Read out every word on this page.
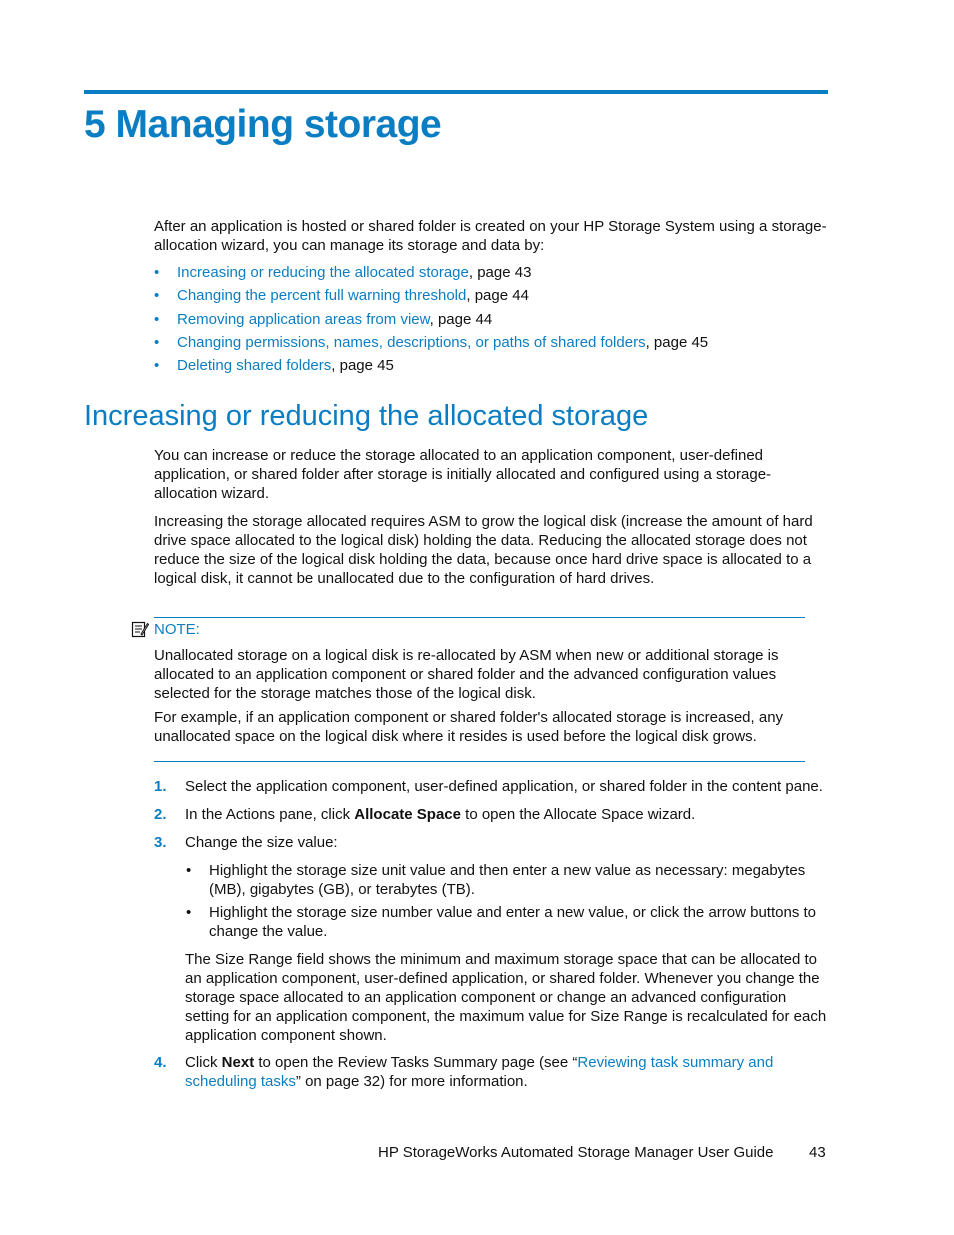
5 Managing storage

After an application is hosted or shared folder is created on your HP Storage System using a storage-allocation wizard, you can manage its storage and data by:

• Increasing or reducing the allocated storage, page 43
• Changing the percent full warning threshold, page 44
• Removing application areas from view, page 44
• Changing permissions, names, descriptions, or paths of shared folders, page 45
• Deleting shared folders, page 45
Increasing or reducing the allocated storage

You can increase or reduce the storage allocated to an application component, user-defined application, or shared folder after storage is initially allocated and configured using a storage-allocation wizard.

Increasing the storage allocated requires ASM to grow the logical disk (increase the amount of hard drive space allocated to the logical disk) holding the data. Reducing the allocated storage does not reduce the size of the logical disk holding the data, because once hard drive space is allocated to a logical disk, it cannot be unallocated due to the configuration of hard drives.

NOTE:

Unallocated storage on a logical disk is re-allocated by ASM when new or additional storage is allocated to an application component or shared folder and the advanced configuration values selected for the storage matches those of the logical disk.

For example, if an application component or shared folder's allocated storage is increased, any unallocated space on the logical disk where it resides is used before the logical disk grows.

1. Select the application component, user-defined application, or shared folder in the content pane.

2. In the Actions pane, click Allocate Space to open the Allocate Space wizard.

3. Change the size value:

• Highlight the storage size unit value and then enter a new value as necessary: megabytes (MB), gigabytes (GB), or terabytes (TB).

• Highlight the storage size number value and enter a new value, or click the arrow buttons to change the value.

The Size Range field shows the minimum and maximum storage space that can be allocated to an application component, user-defined application, or shared folder. Whenever you change the storage space allocated to an application component or change an advanced configuration setting for an application component, the maximum value for Size Range is recalculated for each application component shown.

4. Click Next to open the Review Tasks Summary page (see “Reviewing task summary and scheduling tasks” on page 32) for more information.

HP StorageWorks Automated Storage Manager User Guide 43
